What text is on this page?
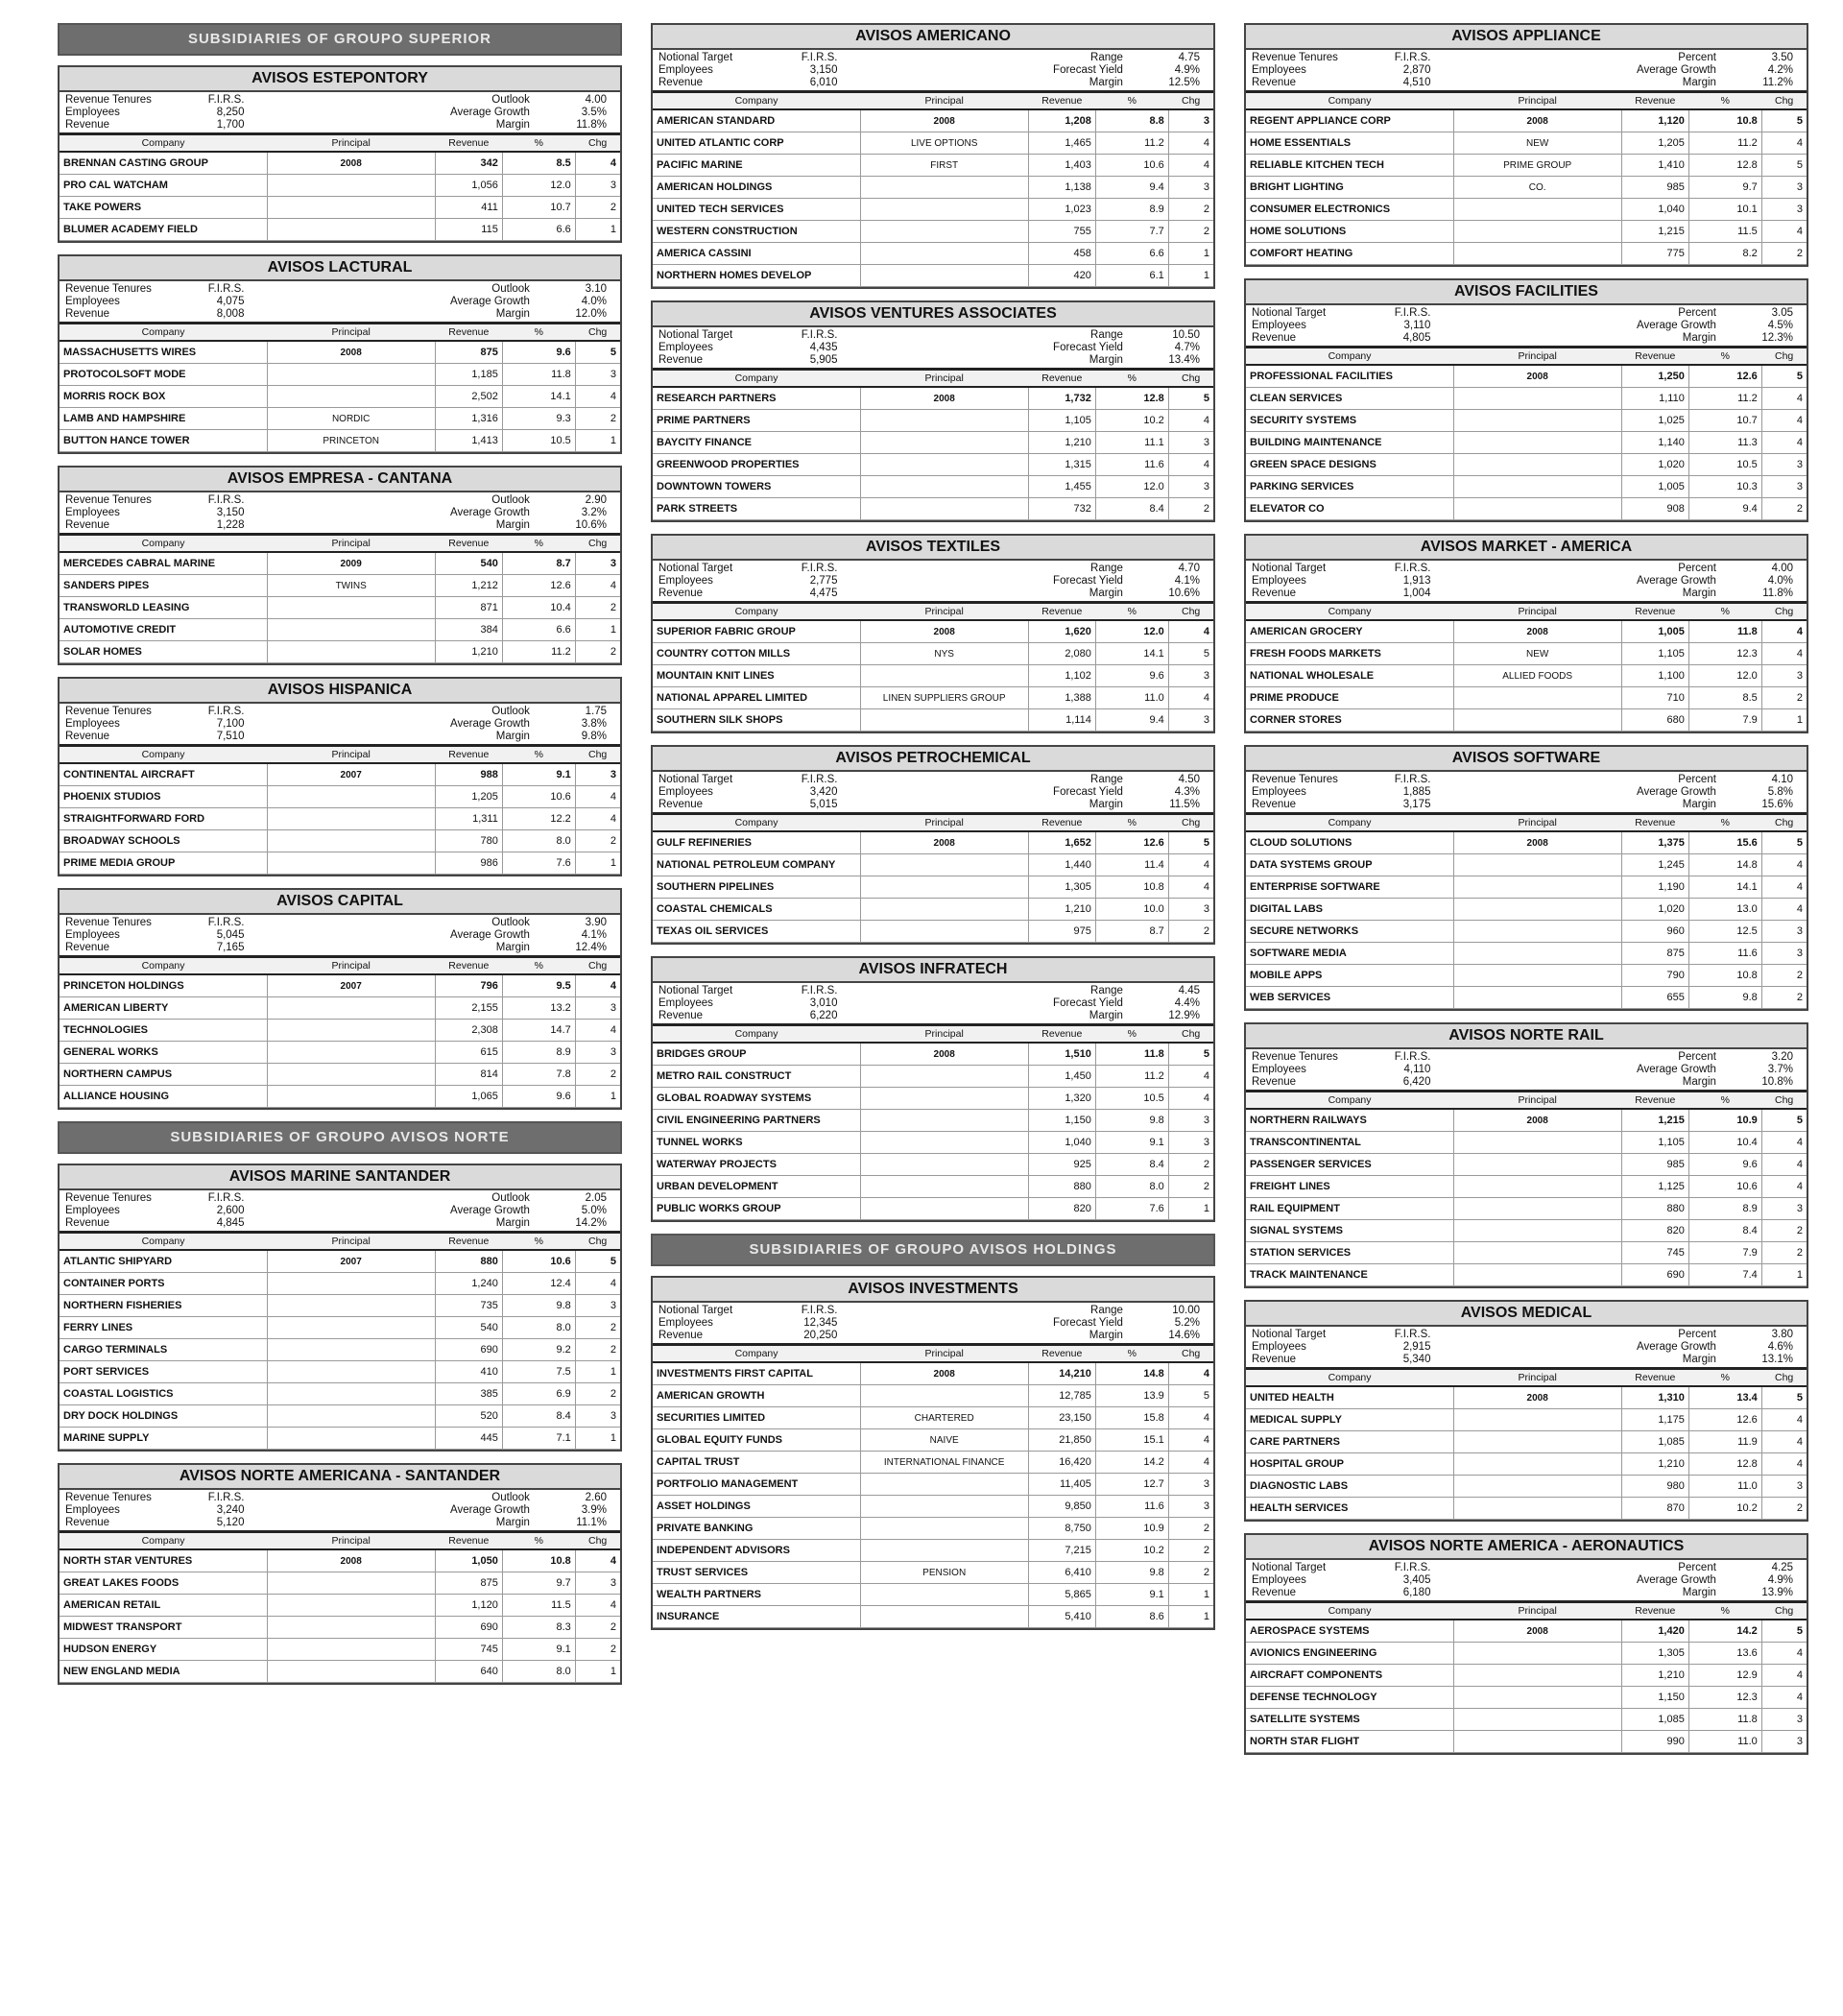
SUBSIDIARIES OF GROUPO SUPERIOR
AVISOS ESTEPONTORY
Revenue Tenures	F.I.R.S.	Outlook	4.00
Employees	8,250	Average Growth	3.5%
Revenue	1,700	Margin	11.8%
Company	Principal	Revenue	%	Chg
BRENNAN CASTING GROUP	2008	342	8.5	4
PRO CAL WATCHAM		1,056	12.0	3
TAKE POWERS		411	10.7	2
BLUMER ACADEMY FIELD		115	6.6	1
AVISOS LACTURAL
Revenue Tenures	F.I.R.S.	Outlook	3.10
Employees	4,075	Average Growth	4.0%
Revenue	8,008	Margin	12.0%
Company	Principal	Revenue	%	Chg
MASSACHUSETTS WIRES	2008	875	9.6	5
PROTOCOLSOFT MODE		1,185	11.8	3
MORRIS ROCK BOX		2,502	14.1	4
LAMB AND HAMPSHIRE	NORDIC	1,316	9.3	2
BUTTON HANCE TOWER	PRINCETON	1,413	10.5	1
AVISOS EMPRESA - CANTANA
Revenue Tenures	F.I.R.S.	Outlook	2.90
Employees	3,150	Average Growth	3.2%
Revenue	1,228	Margin	10.6%
Company	Principal	Revenue	%	Chg
MERCEDES CABRAL MARINE	2009	540	8.7	3
SANDERS PIPES	TWINS	1,212	12.6	4
TRANSWORLD LEASING		871	10.4	2
AUTOMOTIVE CREDIT		384	6.6	1
SOLAR HOMES		1,210	11.2	2
AVISOS HISPANICA
Revenue Tenures	F.I.R.S.	Outlook	1.75
Employees	7,100	Average Growth	3.8%
Revenue	7,510	Margin	9.8%
Company	Principal	Revenue	%	Chg
CONTINENTAL AIRCRAFT	2007	988	9.1	3
PHOENIX STUDIOS		1,205	10.6	4
STRAIGHTFORWARD FORD		1,311	12.2	4
BROADWAY SCHOOLS		780	8.0	2
PRIME MEDIA GROUP		986	7.6	1
AVISOS CAPITAL
Revenue Tenures	F.I.R.S.	Outlook	3.90
Employees	5,045	Average Growth	4.1%
Revenue	7,165	Margin	12.4%
Company	Principal	Revenue	%	Chg
PRINCETON HOLDINGS	2007	796	9.5	4
AMERICAN LIBERTY		2,155	13.2	3
TECHNOLOGIES		2,308	14.7	4
GENERAL WORKS		615	8.9	3
NORTHERN CAMPUS		814	7.8	2
ALLIANCE HOUSING		1,065	9.6	1
SUBSIDIARIES OF GROUPO AVISOS NORTE
AVISOS MARINE SANTANDER
Revenue Tenures	F.I.R.S.	Outlook	2.05
Employees	2,600	Average Growth	5.0%
Revenue	4,845	Margin	14.2%
Company	Principal	Revenue	%	Chg
ATLANTIC SHIPYARD	2007	880	10.6	5
CONTAINER PORTS		1,240	12.4	4
NORTHERN FISHERIES		735	9.8	3
FERRY LINES		540	8.0	2
CARGO TERMINALS		690	9.2	2
PORT SERVICES		410	7.5	1
COASTAL LOGISTICS		385	6.9	2
DRY DOCK HOLDINGS		520	8.4	3
MARINE SUPPLY		445	7.1	1
AVISOS NORTE AMERICANA - SANTANDER
Revenue Tenures	F.I.R.S.	Outlook	2.60
Employees	3,240	Average Growth	3.9%
Revenue	5,120	Margin	11.1%
Company	Principal	Revenue	%	Chg
NORTH STAR VENTURES	2008	1,050	10.8	4
GREAT LAKES FOODS		875	9.7	3
AMERICAN RETAIL		1,120	11.5	4
MIDWEST TRANSPORT		690	8.3	2
HUDSON ENERGY		745	9.1	2
NEW ENGLAND MEDIA		640	8.0	1
AVISOS AMERICANO
Notional Target	F.I.R.S.	Range	4.75
Employees	3,150	Forecast Yield	4.9%
Revenue	6,010	Margin	12.5%
Company	Principal	Revenue	%	Chg
AMERICAN STANDARD	2008	1,208	8.8	3
UNITED ATLANTIC CORP	LIVE OPTIONS	1,465	11.2	4
PACIFIC MARINE	FIRST	1,403	10.6	4
AMERICAN HOLDINGS		1,138	9.4	3
UNITED TECH SERVICES		1,023	8.9	2
WESTERN CONSTRUCTION		755	7.7	2
AMERICA CASSINI		458	6.6	1
NORTHERN HOMES DEVELOP		420	6.1	1
AVISOS VENTURES ASSOCIATES
Notional Target	F.I.R.S.	Range	10.50
Employees	4,435	Forecast Yield	4.7%
Revenue	5,905	Margin	13.4%
Company	Principal	Revenue	%	Chg
RESEARCH PARTNERS	2008	1,732	12.8	5
PRIME PARTNERS		1,105	10.2	4
BAYCITY FINANCE		1,210	11.1	3
GREENWOOD PROPERTIES		1,315	11.6	4
DOWNTOWN TOWERS		1,455	12.0	3
PARK STREETS		732	8.4	2
AVISOS TEXTILES
Notional Target	F.I.R.S.	Range	4.70
Employees	2,775	Forecast Yield	4.1%
Revenue	4,475	Margin	10.6%
Company	Principal	Revenue	%	Chg
SUPERIOR FABRIC GROUP	2008	1,620	12.0	4
COUNTRY COTTON MILLS	NYS	2,080	14.1	5
MOUNTAIN KNIT LINES		1,102	9.6	3
NATIONAL APPAREL LIMITED	LINEN SUPPLIERS GROUP	1,388	11.0	4
SOUTHERN SILK SHOPS		1,114	9.4	3
AVISOS PETROCHEMICAL
Notional Target	F.I.R.S.	Range	4.50
Employees	3,420	Forecast Yield	4.3%
Revenue	5,015	Margin	11.5%
Company	Principal	Revenue	%	Chg
GULF REFINERIES	2008	1,652	12.6	5
NATIONAL PETROLEUM COMPANY		1,440	11.4	4
SOUTHERN PIPELINES		1,305	10.8	4
COASTAL CHEMICALS		1,210	10.0	3
TEXAS OIL SERVICES		975	8.7	2
AVISOS INFRATECH
Notional Target	F.I.R.S.	Range	4.45
Employees	3,010	Forecast Yield	4.4%
Revenue	6,220	Margin	12.9%
Company	Principal	Revenue	%	Chg
BRIDGES GROUP	2008	1,510	11.8	5
METRO RAIL CONSTRUCT		1,450	11.2	4
GLOBAL ROADWAY SYSTEMS		1,320	10.5	4
CIVIL ENGINEERING PARTNERS		1,150	9.8	3
TUNNEL WORKS		1,040	9.1	3
WATERWAY PROJECTS		925	8.4	2
URBAN DEVELOPMENT		880	8.0	2
PUBLIC WORKS GROUP		820	7.6	1
SUBSIDIARIES OF GROUPO AVISOS HOLDINGS
AVISOS INVESTMENTS
Notional Target	F.I.R.S.	Range	10.00
Employees	12,345	Forecast Yield	5.2%
Revenue	20,250	Margin	14.6%
Company	Principal	Revenue	%	Chg
INVESTMENTS FIRST CAPITAL	2008	14,210	14.8	4
AMERICAN GROWTH		12,785	13.9	5
SECURITIES LIMITED	CHARTERED	23,150	15.8	4
GLOBAL EQUITY FUNDS	NAIVE	21,850	15.1	4
CAPITAL TRUST	INTERNATIONAL FINANCE	16,420	14.2	4
PORTFOLIO MANAGEMENT		11,405	12.7	3
ASSET HOLDINGS		9,850	11.6	3
PRIVATE BANKING		8,750	10.9	2
INDEPENDENT ADVISORS		7,215	10.2	2
TRUST SERVICES	PENSION	6,410	9.8	2
WEALTH PARTNERS		5,865	9.1	1
INSURANCE		5,410	8.6	1
AVISOS APPLIANCE
Revenue Tenures	F.I.R.S.	Percent	3.50
Employees	2,870	Average Growth	4.2%
Revenue	4,510	Margin	11.2%
Company	Principal	Revenue	%	Chg
REGENT APPLIANCE CORP	2008	1,120	10.8	5
HOME ESSENTIALS	NEW	1,205	11.2	4
RELIABLE KITCHEN TECH	PRIME GROUP	1,410	12.8	5
BRIGHT LIGHTING	CO.	985	9.7	3
CONSUMER ELECTRONICS		1,040	10.1	3
HOME SOLUTIONS		1,215	11.5	4
COMFORT HEATING		775	8.2	2
AVISOS FACILITIES
Notional Target	F.I.R.S.	Percent	3.05
Employees	3,110	Average Growth	4.5%
Revenue	4,805	Margin	12.3%
Company	Principal	Revenue	%	Chg
PROFESSIONAL FACILITIES	2008	1,250	12.6	5
CLEAN SERVICES		1,110	11.2	4
SECURITY SYSTEMS		1,025	10.7	4
BUILDING MAINTENANCE		1,140	11.3	4
GREEN SPACE DESIGNS		1,020	10.5	3
PARKING SERVICES		1,005	10.3	3
ELEVATOR CO		908	9.4	2
AVISOS MARKET - AMERICA
Notional Target	F.I.R.S.	Percent	4.00
Employees	1,913	Average Growth	4.0%
Revenue	1,004	Margin	11.8%
Company	Principal	Revenue	%	Chg
AMERICAN GROCERY	2008	1,005	11.8	4
FRESH FOODS MARKETS	NEW	1,105	12.3	4
NATIONAL WHOLESALE	ALLIED FOODS	1,100	12.0	3
PRIME PRODUCE		710	8.5	2
CORNER STORES		680	7.9	1
AVISOS SOFTWARE
Revenue Tenures	F.I.R.S.	Percent	4.10
Employees	1,885	Average Growth	5.8%
Revenue	3,175	Margin	15.6%
Company	Principal	Revenue	%	Chg
CLOUD SOLUTIONS	2008	1,375	15.6	5
DATA SYSTEMS GROUP		1,245	14.8	4
ENTERPRISE SOFTWARE		1,190	14.1	4
DIGITAL LABS		1,020	13.0	4
SECURE NETWORKS		960	12.5	3
SOFTWARE MEDIA		875	11.6	3
MOBILE APPS		790	10.8	2
WEB SERVICES		655	9.8	2
AVISOS NORTE RAIL
Revenue Tenures	F.I.R.S.	Percent	3.20
Employees	4,110	Average Growth	3.7%
Revenue	6,420	Margin	10.8%
Company	Principal	Revenue	%	Chg
NORTHERN RAILWAYS	2008	1,215	10.9	5
TRANSCONTINENTAL		1,105	10.4	4
PASSENGER SERVICES		985	9.6	4
FREIGHT LINES		1,125	10.6	4
RAIL EQUIPMENT		880	8.9	3
SIGNAL SYSTEMS		820	8.4	2
STATION SERVICES		745	7.9	2
TRACK MAINTENANCE		690	7.4	1
AVISOS MEDICAL
Notional Target	F.I.R.S.	Percent	3.80
Employees	2,915	Average Growth	4.6%
Revenue	5,340	Margin	13.1%
Company	Principal	Revenue	%	Chg
UNITED HEALTH	2008	1,310	13.4	5
MEDICAL SUPPLY		1,175	12.6	4
CARE PARTNERS		1,085	11.9	4
HOSPITAL GROUP		1,210	12.8	4
DIAGNOSTIC LABS		980	11.0	3
HEALTH SERVICES		870	10.2	2
AVISOS NORTE AMERICA - AERONAUTICS
Notional Target	F.I.R.S.	Percent	4.25
Employees	3,405	Average Growth	4.9%
Revenue	6,180	Margin	13.9%
Company	Principal	Revenue	%	Chg
AEROSPACE SYSTEMS	2008	1,420	14.2	5
AVIONICS ENGINEERING		1,305	13.6	4
AIRCRAFT COMPONENTS		1,210	12.9	4
DEFENSE TECHNOLOGY		1,150	12.3	4
SATELLITE SYSTEMS		1,085	11.8	3
NORTH STAR FLIGHT		990	11.0	3
